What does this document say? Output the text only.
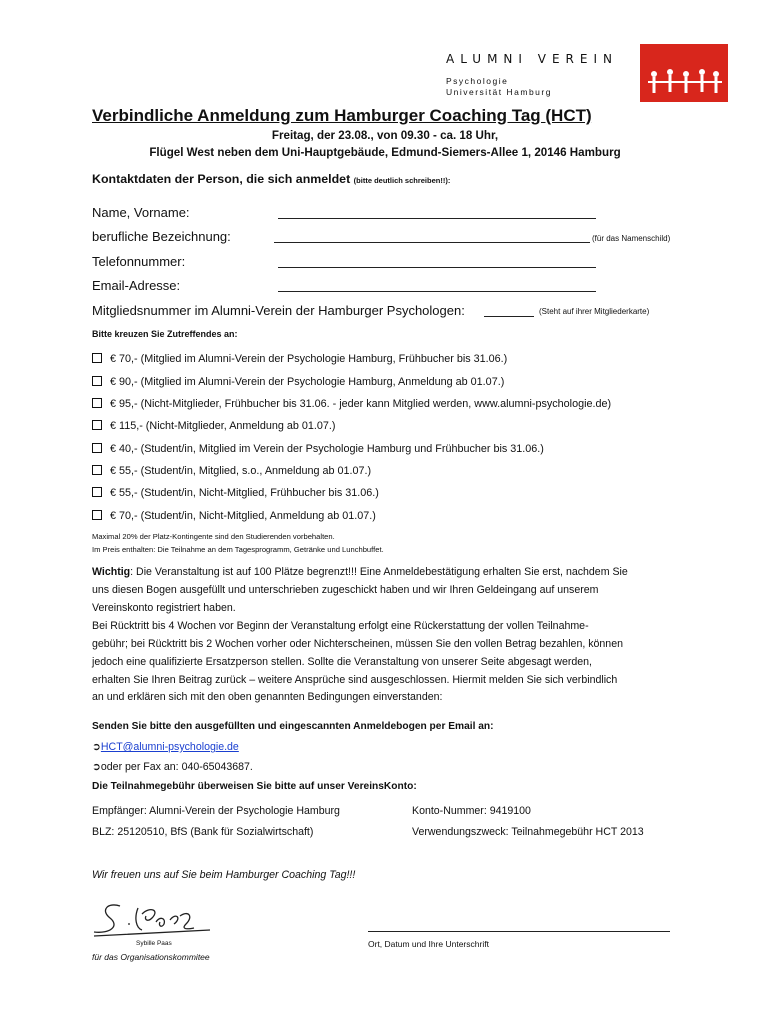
ALUMNI VEREIN
Psychologie
Universität Hamburg
Verbindliche Anmeldung zum Hamburger Coaching Tag (HCT)
Freitag, der 23.08., von 09.30 - ca. 18 Uhr,
Flügel West neben dem Uni-Hauptgebäude, Edmund-Siemers-Allee 1, 20146 Hamburg
Kontaktdaten der Person, die sich anmeldet (bitte deutlich schreiben!!):
Name, Vorname:
berufliche Bezeichnung:	(für das Namenschild)
Telefonnummer:
Email-Adresse:
Mitgliedsnummer im Alumni-Verein der Hamburger Psychologen:	(Steht auf ihrer Mitgliederkarte)
Bitte kreuzen Sie Zutreffendes an:
€ 70,- (Mitglied im Alumni-Verein der Psychologie Hamburg, Frühbucher bis 31.06.)
€ 90,- (Mitglied im Alumni-Verein der Psychologie Hamburg, Anmeldung ab 01.07.)
€ 95,- (Nicht-Mitglieder, Frühbucher bis 31.06. - jeder kann Mitglied werden, www.alumni-psychologie.de)
€ 115,- (Nicht-Mitglieder, Anmeldung ab 01.07.)
€ 40,- (Student/in, Mitglied im Verein der Psychologie Hamburg und Frühbucher bis 31.06.)
€ 55,- (Student/in, Mitglied, s.o., Anmeldung ab 01.07.)
€ 55,- (Student/in, Nicht-Mitglied, Frühbucher bis 31.06.)
€ 70,- (Student/in, Nicht-Mitglied, Anmeldung ab 01.07.)
Maximal 20% der Platz-Kontingente sind den Studierenden vorbehalten.
Im Preis enthalten: Die Teilnahme an dem Tagesprogramm, Getränke und Lunchbuffet.
Wichtig: Die Veranstaltung ist auf 100 Plätze begrenzt!!! Eine Anmeldebestätigung erhalten Sie erst, nachdem Sie
uns diesen Bogen ausgefüllt und unterschrieben zugeschickt haben und wir Ihren Geldeingang auf unserem
Vereinskonto registriert haben.
Bei Rücktritt bis 4 Wochen vor Beginn der Veranstaltung erfolgt eine Rückerstattung der vollen Teilnahme-
gebühr; bei Rücktritt bis 2 Wochen vorher oder Nichterscheinen, müssen Sie den vollen Betrag bezahlen, können
jedoch eine qualifizierte Ersatzperson stellen. Sollte die Veranstaltung von unserer Seite abgesagt werden,
erhalten Sie Ihren Beitrag zurück – weitere Ansprüche sind ausgeschlossen. Hiermit melden Sie sich verbindlich
an und erklären sich mit den oben genannten Bedingungen einverstanden:
Senden Sie bitte den ausgefüllten und eingescannten Anmeldebogen per Email an:
➲HCT@alumni-psychologie.de
➲oder per Fax an: 040-65043687.
Die Teilnahmegebühr überweisen Sie bitte auf unser VereinsKonto:
Empfänger: Alumni-Verein der Psychologie Hamburg	Konto-Nummer: 9419100
BLZ: 25120510, BfS (Bank für Sozialwirtschaft)	Verwendungszweck: Teilnahmegebühr HCT 2013
Wir freuen uns auf Sie beim Hamburger Coaching Tag!!!
Sybille Paas
für das Organisationskommitee
Ort, Datum und Ihre Unterschrift
